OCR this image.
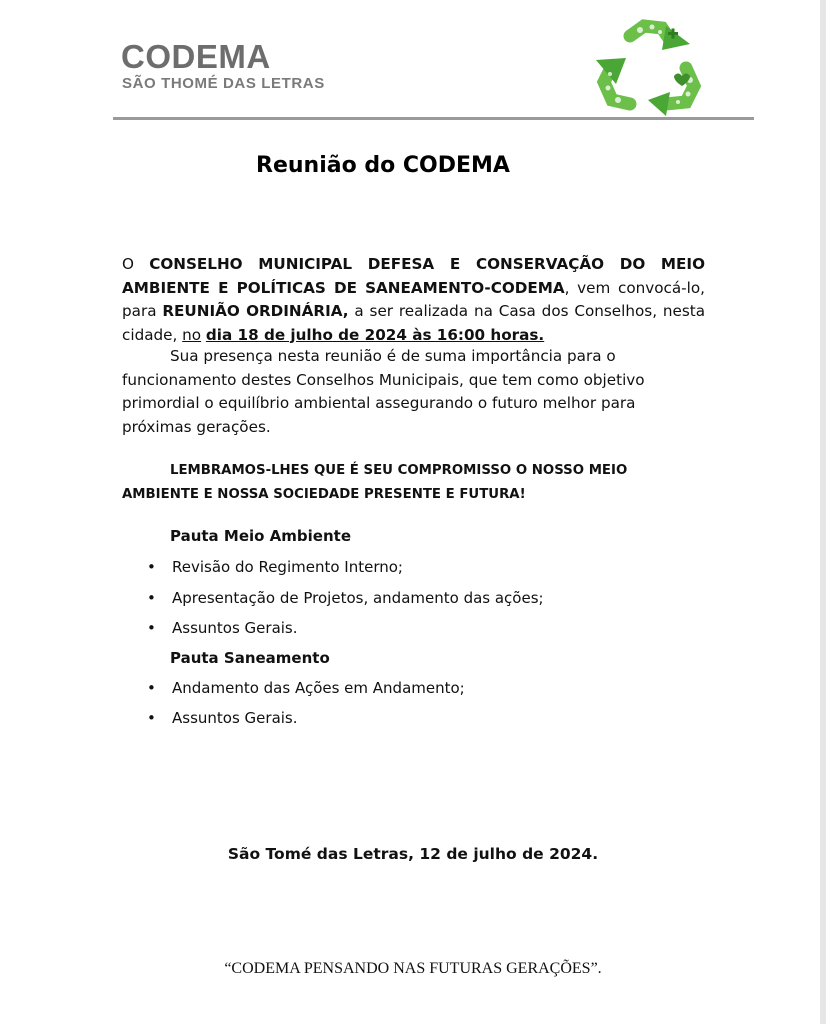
CODEMA
SÃO THOMÉ DAS LETRAS
Reunião do CODEMA
O CONSELHO MUNICIPAL DEFESA E CONSERVAÇÃO DO MEIO AMBIENTE E POLÍTICAS DE SANEAMENTO-CODEMA, vem convocá-lo, para REUNIÃO ORDINÁRIA, a ser realizada na Casa dos Conselhos, nesta cidade, no dia 18 de julho de 2024 às 16:00 horas.
Sua presença nesta reunião é de suma importância para o funcionamento destes Conselhos Municipais, que tem como objetivo primordial o equilíbrio ambiental assegurando o futuro melhor para próximas gerações.
LEMBRAMOS-LHES QUE É SEU COMPROMISSO O NOSSO MEIO AMBIENTE E NOSSA SOCIEDADE PRESENTE E FUTURA!
Pauta Meio Ambiente
• Revisão do Regimento Interno;
• Apresentação de Projetos, andamento das ações;
• Assuntos Gerais.
Pauta Saneamento
• Andamento das Ações em Andamento;
• Assuntos Gerais.
São Tomé das Letras, 12 de julho de 2024.
“CODEMA PENSANDO NAS FUTURAS GERAÇÕES”.
